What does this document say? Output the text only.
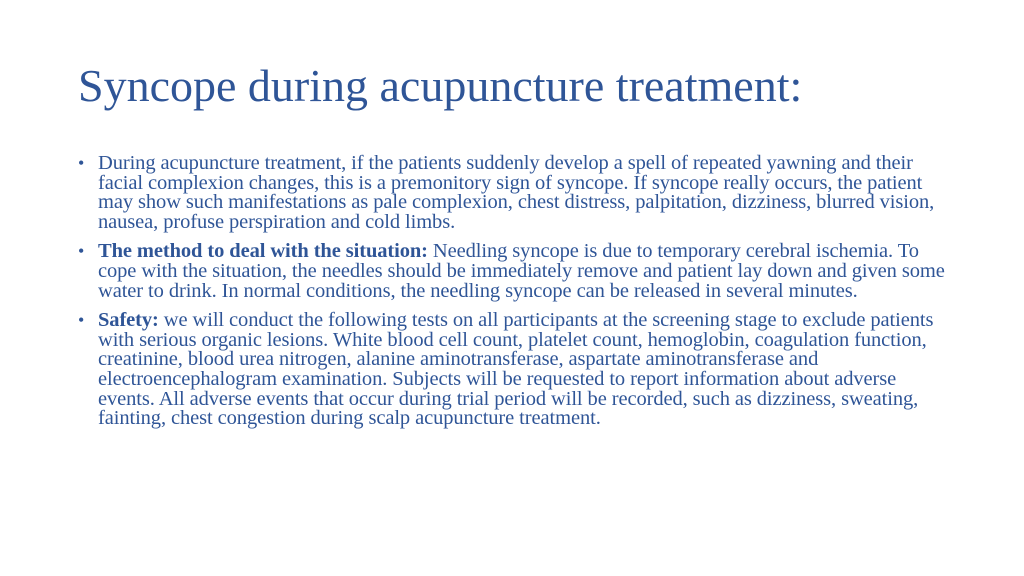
Syncope during acupuncture treatment:
• During acupuncture treatment, if the patients suddenly develop a spell of repeated yawning and their facial complexion changes, this is a premonitory sign of syncope. If syncope really occurs, the patient may show such manifestations as pale complexion, chest distress, palpitation, dizziness, blurred vision, nausea, profuse perspiration and cold limbs.
• The method to deal with the situation: Needling syncope is due to temporary cerebral ischemia. To cope with the situation, the needles should be immediately remove and patient lay down and given some water to drink. In normal conditions, the needling syncope can be released in several minutes.
• Safety: we will conduct the following tests on all participants at the screening stage to exclude patients with serious organic lesions. White blood cell count, platelet count, hemoglobin, coagulation function, creatinine, blood urea nitrogen, alanine aminotransferase, aspartate aminotransferase and electroencephalogram examination. Subjects will be requested to report information about adverse events. All adverse events that occur during trial period will be recorded, such as dizziness, sweating, fainting, chest congestion during scalp acupuncture treatment.
